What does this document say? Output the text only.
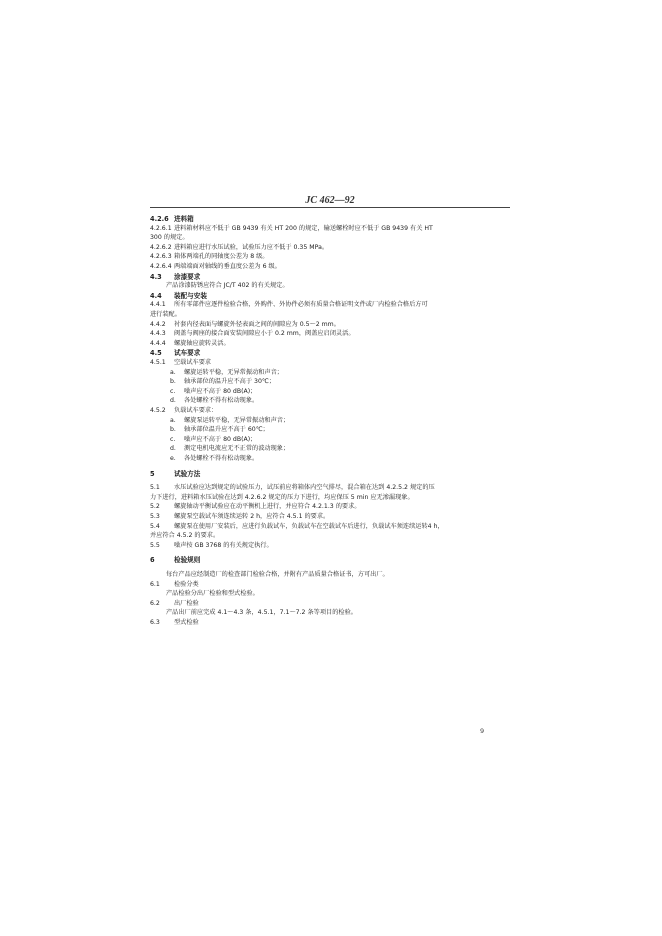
JC 462—92
4.2.6 进料箱
4.2.6.1 进料箱材料应不低于 GB 9439 有关 HT 200 的规定，输送螺栓时应不低于 GB 9439 有关 HT
300 的规定。
4.2.6.2 进料箱应进行水压试验，试验压力应不低于 0.35 MPa。
4.2.6.3 箱体两端孔的同轴度公差为 8 级。
4.2.6.4 两端端面对轴线的垂直度公差为 6 级。
4.3 涂漆要求
产品涂漆防锈应符合 JC/T 402 的有关规定。
4.4 装配与安装
4.4.1 所有零部件应逐件检验合格，外购件、外协件必须有质量合格证明文件或厂内检验合格后方可
进行装配。
4.4.2 衬套内径表面与螺旋外径表面之间的间隙应为 0.5～2 mm。
4.4.3 阀盖与阀座的接合面安装间隙应小于 0.2 mm，阀盖应启闭灵活。
4.4.4 螺旋轴应旋转灵活。
4.5 试车要求
4.5.1 空载试车要求
a. 螺旋运转平稳，无异常振动和声音；
b. 轴承部位的温升应不高于 30℃；
c. 噪声应不高于 80 dB(A)；
d. 各处螺栓不得有松动现象。
4.5.2 负载试车要求：
a. 螺旋泵运转平稳，无异常振动和声音；
b. 轴承部位温升应不高于 60℃；
c. 噪声应不高于 80 dB(A)；
d. 测定电机电流应无不正常的波动现象；
e. 各处螺栓不得有松动现象。
5	试验方法
5.1 水压试验应达到规定的试验压力，试压前应将箱体内空气排尽，混合箱在达到 4.2.5.2 规定的压
力下进行，进料箱水压试验在达到 4.2.6.2 规定的压力下进行，均应保压 5 min 应无渗漏现象。
5.2 螺旋轴动平衡试验应在动平衡机上进行，并应符合 4.2.1.3 的要求。
5.3 螺旋泵空载试车须连续运转 2 h，应符合 4.5.1 的要求。
5.4 螺旋泵在使用厂安装后，应进行负载试车，负载试车在空载试车后进行，负载试车须连续运转4 h，
并应符合 4.5.2 的要求。
5.5 噪声按 GB 3768 的有关规定执行。
6	检验规则
每台产品应经制造厂的检查部门检验合格，并附有产品质量合格证书，方可出厂。
6.1 检验分类
产品检验分出厂检验和型式检验。
6.2 出厂检验
产品出厂前应完成 4.1～4.3 条，4.5.1，7.1～7.2 条等项目的检验。
6.3 型式检验
9
